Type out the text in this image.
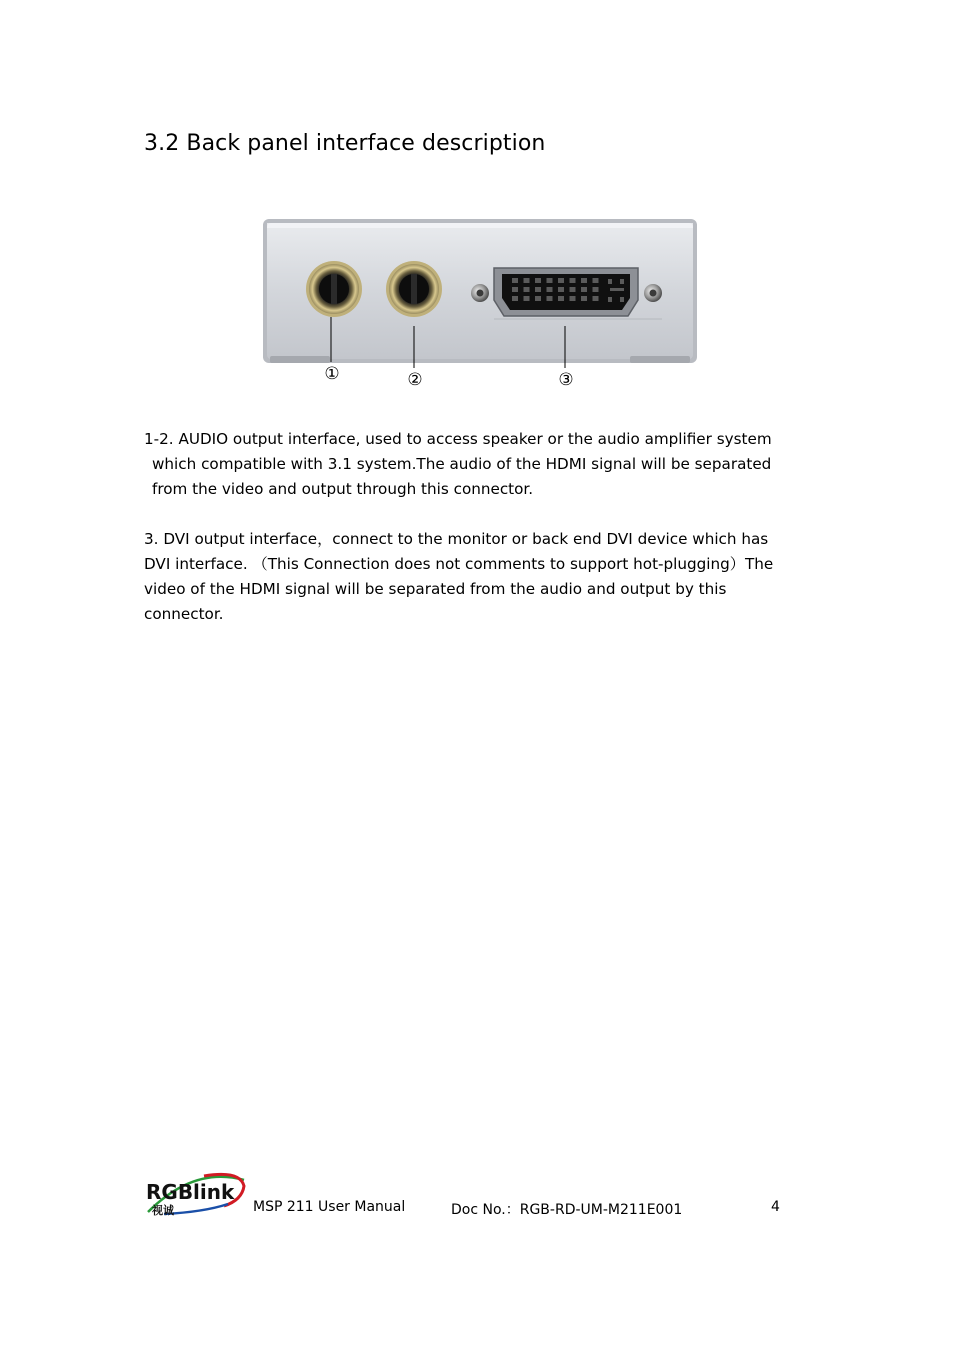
3.2 Back panel interface description
①	②	③

1-2. AUDIO output interface, used to access speaker or the audio amplifier system
which compatible with 3.1 system.The audio of the HDMI signal will be separated
from the video and output through this connector.

3. DVI output interface，connect to the monitor or back end DVI device which has
DVI interface. （This Connection does not comments to support hot-plugging）The
video of the HDMI signal will be separated from the audio and output by this
connector.

RGBlink
视诚	MSP 211 User Manual	Doc No.：RGB-RD-UM-M211E001	4
